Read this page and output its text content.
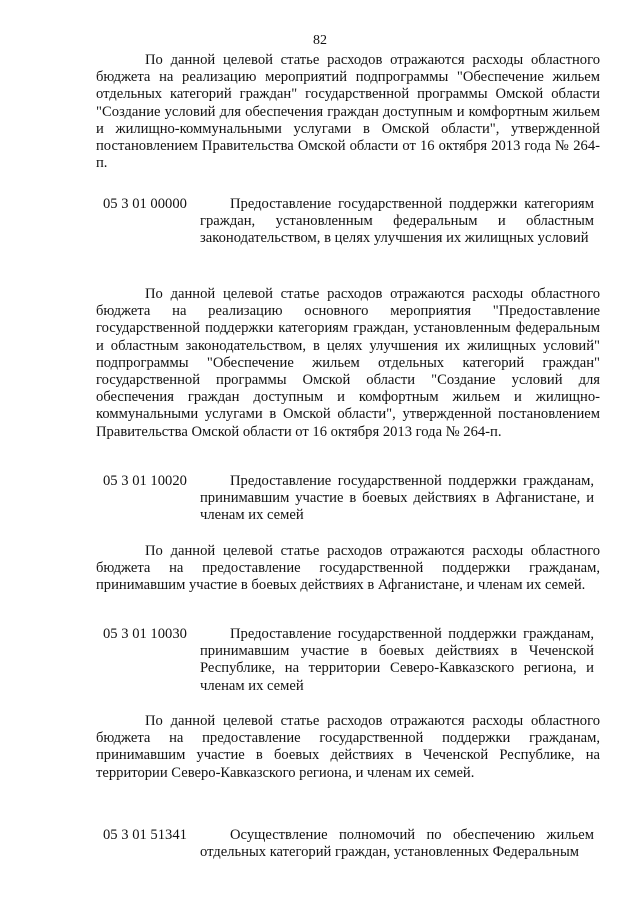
82

По данной целевой статье расходов отражаются расходы областного бюджета на реализацию мероприятий подпрограммы "Обеспечение жильем отдельных категорий граждан" государственной программы Омской области "Создание условий для обеспечения граждан доступным и комфортным жильем и жилищно-коммунальными услугами в Омской области", утвержденной постановлением Правительства Омской области от 16 октября 2013 года № 264-п.

05 3 01 00000	Предоставление государственной поддержки категориям граждан, установленным федеральным и областным законодательством, в целях улучшения их жилищных условий

По данной целевой статье расходов отражаются расходы областного бюджета на реализацию основного мероприятия "Предоставление государственной поддержки категориям граждан, установленным федеральным и областным законодательством, в целях улучшения их жилищных условий" подпрограммы "Обеспечение жильем отдельных категорий граждан" государственной программы Омской области "Создание условий для обеспечения граждан доступным и комфортным жильем и жилищно-коммунальными услугами в Омской области", утвержденной постановлением Правительства Омской области от 16 октября 2013 года № 264-п.

05 3 01 10020	Предоставление государственной поддержки гражданам, принимавшим участие в боевых действиях в Афганистане, и членам их семей

По данной целевой статье расходов отражаются расходы областного бюджета на предоставление государственной поддержки гражданам, принимавшим участие в боевых действиях в Афганистане, и членам их семей.

05 3 01 10030	Предоставление государственной поддержки гражданам, принимавшим участие в боевых действиях в Чеченской Республике, на территории Северо-Кавказского региона, и членам их семей

По данной целевой статье расходов отражаются расходы областного бюджета на предоставление государственной поддержки гражданам, принимавшим участие в боевых действиях в Чеченской Республике, на территории Северо-Кавказского региона, и членам их семей.

05 3 01 51341	Осуществление полномочий по обеспечению жильем отдельных категорий граждан, установленных Федеральным
